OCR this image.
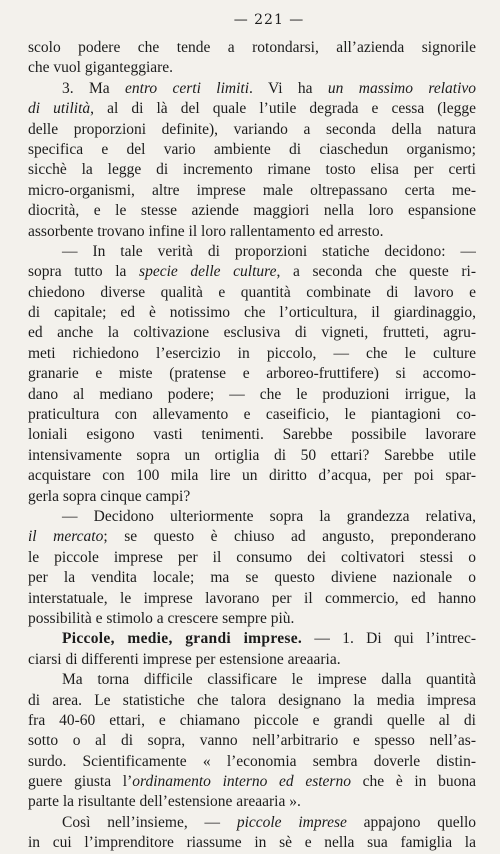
— 221 —
scolo podere che tende a rotondarsi, all’azienda signorile
che vuol giganteggiare.
3. Ma entro certi limiti. Vi ha un massimo relativo
di utilità, al di là del quale l’utile degrada e cessa (legge
delle proporzioni definite), variando a seconda della natura
specifica e del vario ambiente di ciaschedun organismo;
sicchè la legge di incremento rimane tosto elisa per certi
micro-organismi, altre imprese male oltrepassano certa me-
diocrità, e le stesse aziende maggiori nella loro espansione
assorbente trovano infine il loro rallentamento ed arresto.
— In tale verità di proporzioni statiche decidono: —
sopra tutto la specie delle culture, a seconda che queste ri-
chiedono diverse qualità e quantità combinate di lavoro e
di capitale; ed è notissimo che l’orticultura, il giardinaggio,
ed anche la coltivazione esclusiva di vigneti, frutteti, agru-
meti richiedono l’esercizio in piccolo, — che le culture
granarie e miste (pratense e arboreo-fruttifere) si accomo-
dano al mediano podere; — che le produzioni irrigue, la
praticultura con allevamento e caseificio, le piantagioni co-
loniali esigono vasti tenimenti. Sarebbe possibile lavorare
intensivamente sopra un ortiglia di 50 ettari? Sarebbe utile
acquistare con 100 mila lire un diritto d’acqua, per poi spar-
gerla sopra cinque campi?
— Decidono ulteriormente sopra la grandezza relativa,
il mercato; se questo è chiuso ad angusto, preponderano
le piccole imprese per il consumo dei coltivatori stessi o
per la vendita locale; ma se questo diviene nazionale o
interstatuale, le imprese lavorano per il commercio, ed hanno
possibilità e stimolo a crescere sempre più.
Piccole, medie, grandi imprese. — 1. Di qui l’intrec-
ciarsi di differenti imprese per estensione areaaria.
Ma torna difficile classificare le imprese dalla quantità
di area. Le statistiche che talora designano la media impresa
fra 40-60 ettari, e chiamano piccole e grandi quelle al di
sotto o al di sopra, vanno nell’arbitrario e spesso nell’as-
surdo. Scientificamente « l’economia sembra doverle distin-
guere giusta l’ordinamento interno ed esterno che è in buona
parte la risultante dell’estensione areaaria ».
Così nell’insieme, — piccole imprese appajono quello
in cui l’imprenditore riassume in sè e nella sua famiglia la
